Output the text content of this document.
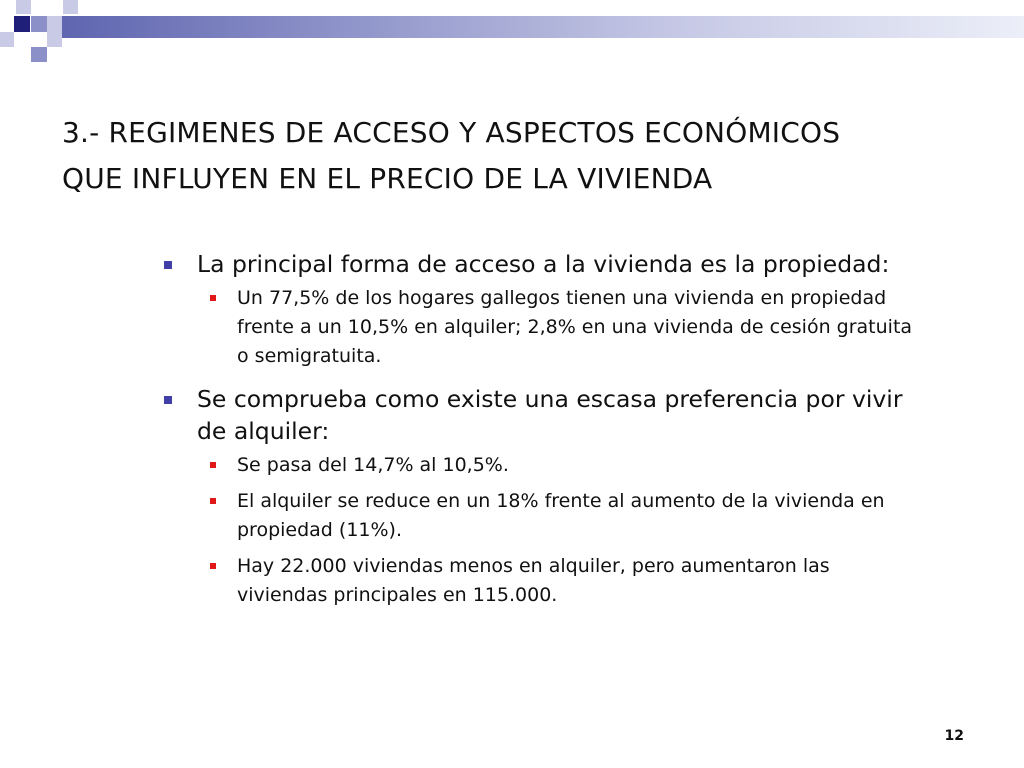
3.- REGIMENES DE ACCESO Y ASPECTOS ECONÓMICOS
QUE INFLUYEN EN EL PRECIO DE LA VIVIENDA
La principal forma de acceso a la vivienda es la propiedad:
Un 77,5% de los hogares gallegos tienen una vivienda en propiedad frente a un 10,5% en alquiler; 2,8% en una vivienda de cesión gratuita o semigratuita.
Se comprueba como existe una escasa preferencia por vivir de alquiler:
Se pasa del 14,7% al 10,5%.
El alquiler se reduce en un 18% frente al aumento de la vivienda en propiedad (11%).
Hay 22.000 viviendas menos en alquiler, pero aumentaron las viviendas principales en 115.000.
12
